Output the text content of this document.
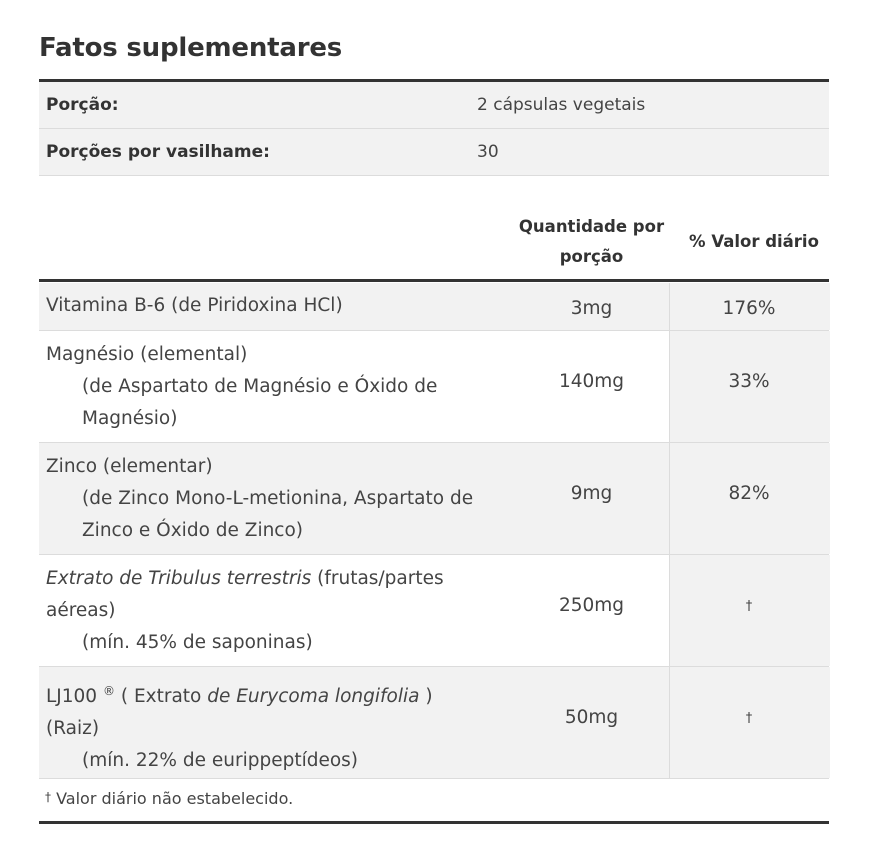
Fatos suplementares
Porção:	2 cápsulas vegetais
Porções por vasilhame:	30
Quantidade por
porção
% Valor diário
Vitamina B-6 (de Piridoxina HCl)	3mg	176%
Magnésio (elemental)
(de Aspartato de Magnésio e Óxido de
Magnésio)
140mg	33%
Zinco (elementar)
(de Zinco Mono-L-metionina, Aspartato de
Zinco e Óxido de Zinco)
9mg	82%
Extrato de Tribulus terrestris (frutas/partes
aéreas)
(mín. 45% de saponinas)
250mg	†
LJ100 ® ( Extrato de Eurycoma longifolia )
(Raiz)
(mín. 22% de eurippeptídeos)
50mg	†
† Valor diário não estabelecido.
